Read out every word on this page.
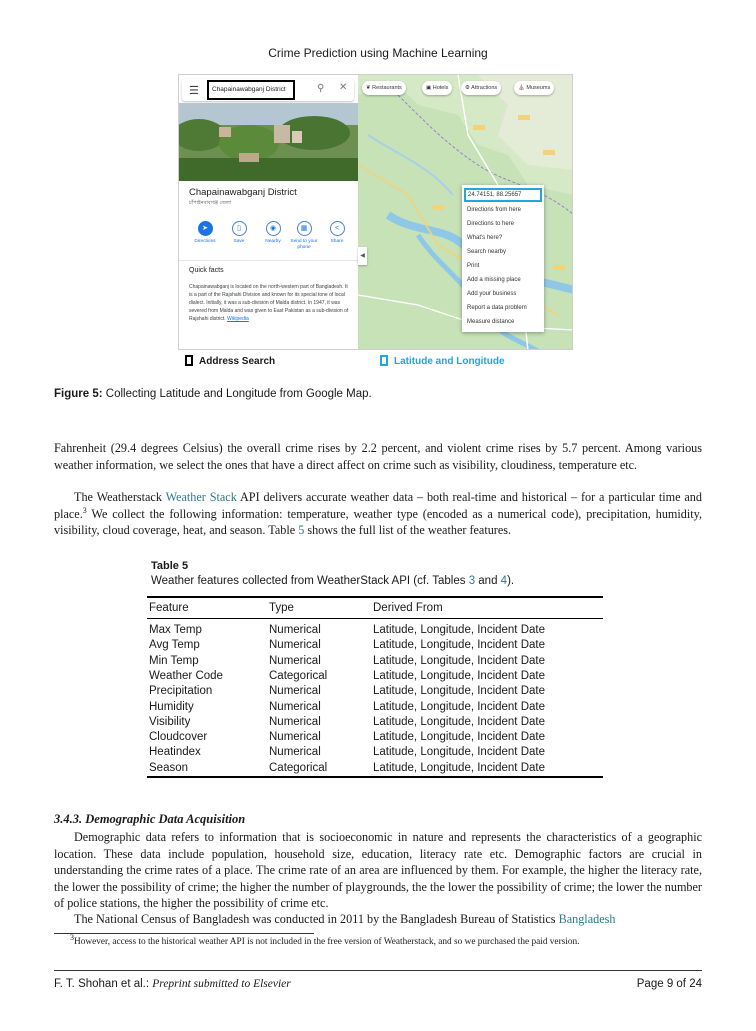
Crime Prediction using Machine Learning
☰	Chapainawabganj District	⚲ ✕
Chapainawabganj District
চাঁপাইনবাবগঞ্জ জেলা
➤
Directions
▯
Save
◉
Nearby
▦
Send to your phone
<
Share
Quick facts
Chapainawabganj is located on the north-western part of Bangladesh. It is a part of the Rajshahi Division and known for its special tone of local dialect. Initially, it was a sub-division of Malda district. In 1947, it was severed from Malda and was given to East Pakistan as a sub-division of Rajshahi district. Wikipedia
◀
❦ Restaurants	▣ Hotels	⚙ Attractions	⛪ Museums
24.74151, 88.25657
Directions from here
Directions to here
What's here?
Search nearby
Print
Add a missing place
Add your business
Report a data problem
Measure distance
Address Search	Latitude and Longitude
Figure 5: Collecting Latitude and Longitude from Google Map.
Fahrenheit (29.4 degrees Celsius) the overall crime rises by 2.2 percent, and violent crime rises by 5.7 percent. Among various weather information, we select the ones that have a direct affect on crime such as visibility, cloudiness, temperature etc.
The Weatherstack Weather Stack API delivers accurate weather data – both real-time and historical – for a particular time and place.$^3$ We collect the following information: temperature, weather type (encoded as a numerical code), precipitation, humidity, visibility, cloud coverage, heat, and season. Table 5 shows the full list of the weather features.
Table 5
Weather features collected from WeatherStack API (cf. Tables 3 and 4).
Feature	Type	Derived From
Max Temp	Numerical	Latitude, Longitude, Incident Date
Avg Temp	Numerical	Latitude, Longitude, Incident Date
Min Temp	Numerical	Latitude, Longitude, Incident Date
Weather Code	Categorical	Latitude, Longitude, Incident Date
Precipitation	Numerical	Latitude, Longitude, Incident Date
Humidity	Numerical	Latitude, Longitude, Incident Date
Visibility	Numerical	Latitude, Longitude, Incident Date
Cloudcover	Numerical	Latitude, Longitude, Incident Date
Heatindex	Numerical	Latitude, Longitude, Incident Date
Season	Categorical	Latitude, Longitude, Incident Date
3.4.3. Demographic Data Acquisition
Demographic data refers to information that is socioeconomic in nature and represents the characteristics of a geographic location. These data include population, household size, education, literacy rate etc. Demographic factors are crucial in understanding the crime rates of a place. The crime rate of an area are influenced by them. For example, the higher the literacy rate, the lower the possibility of crime; the higher the number of playgrounds, the the lower the possibility of crime; the lower the number of police stations, the higher the possibility of crime etc.
The National Census of Bangladesh was conducted in 2011 by the Bangladesh Bureau of Statistics Bangladesh
$^3$However, access to the historical weather API is not included in the free version of Weatherstack, and so we purchased the paid version.
F. T. Shohan et al.: Preprint submitted to Elsevier	Page 9 of 24
